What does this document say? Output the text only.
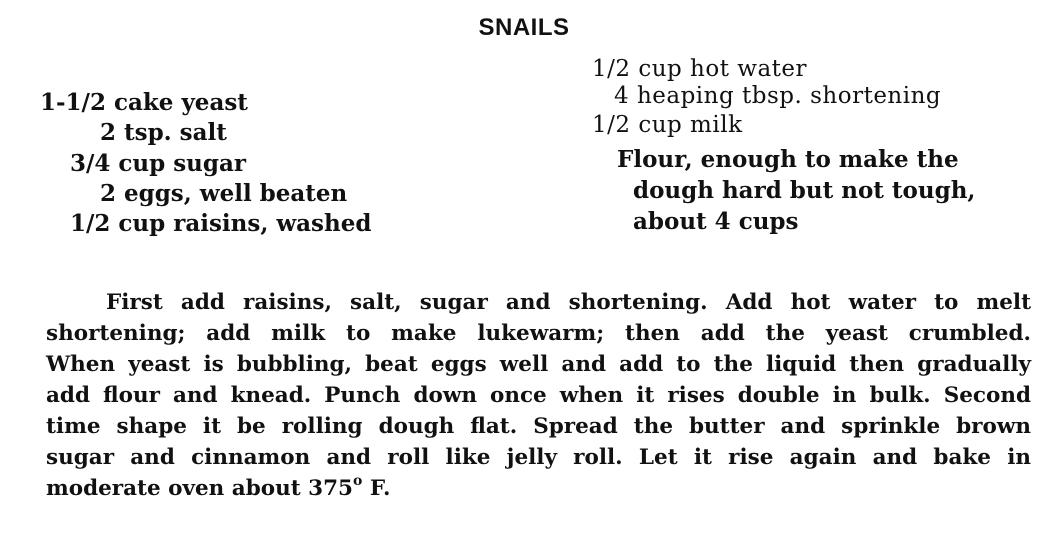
SNAILS
1-1/2 cake yeast
2 tsp. salt
3/4 cup sugar
2 eggs, well beaten
1/2 cup raisins, washed
1/2 cup hot water
4 heaping tbsp. shortening
1/2 cup milk
Flour, enough to make the
dough hard but not tough,
about 4 cups
First add raisins, salt, sugar and shortening. Add hot water to melt
shortening; add milk to make lukewarm; then add the yeast crumbled.
When yeast is bubbling, beat eggs well and add to the liquid then gradually
add flour and knead. Punch down once when it rises double in bulk. Second
time shape it be rolling dough flat. Spread the butter and sprinkle brown
sugar and cinnamon and roll like jelly roll. Let it rise again and bake in
moderate oven about 375$^o$ F.
